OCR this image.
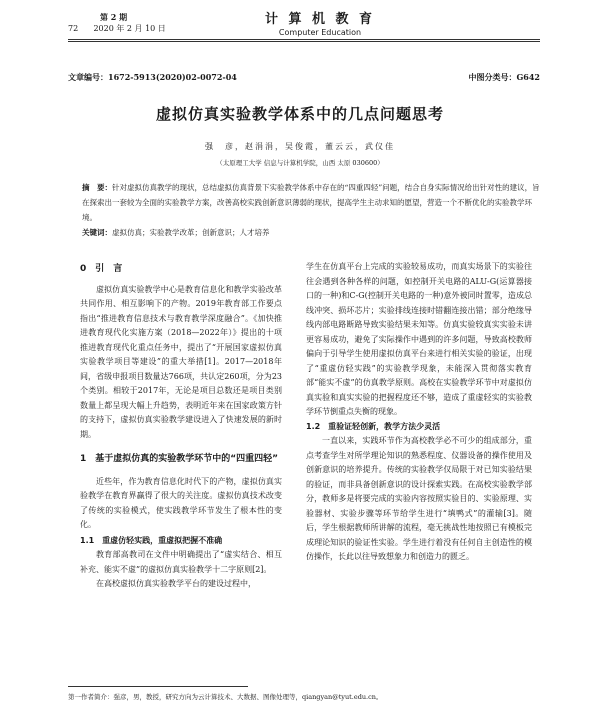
第 2 期
72 2020 年 2 月 10 日
计 算 机 教 育
Computer Education
文章编号：1672-5913(2020)02-0072-04	中图分类号：G642
虚拟仿真实验教学体系中的几点问题思考
强　彦，赵涓涓，吴俊霞，董云云，武仪佳
（太原理工大学 信息与计算机学院，山西 太原 030600）
摘　要：针对虚拟仿真教学的现状，总结虚拟仿真背景下实验教学体系中存在的“四重四轻”问题，结合自身实际情况给出针对性的建议，旨在探索出一套较为全面的实验教学方案，改善高校实践创新意识薄弱的现状，提高学生主动求知的愿望，营造一个不断优化的实验教学环境。
关键词：虚拟仿真；实验教学改革；创新意识；人才培养
0　引　言

虚拟仿真实验教学中心是教育信息化和教学实验改革共同作用、相互影响下的产物。2019年教育部工作要点指出“推进教育信息技术与教育教学深度融合”。《加快推进教育现代化实施方案（2018—2022年）》提出的十项推进教育现代化重点任务中，提出了“开展国家虚拟仿真实验教学项目等建设”的重大举措[1]。2017—2018年间，省级申报项目数量达766项，共认定260项，分为23个类别。相较于2017年，无论是项目总数还是项目类别数量上都呈现大幅上升趋势，表明近年来在国家政策方针的支持下，虚拟仿真实验教学建设进入了快速发展的新时期。

1　基于虚拟仿真的实验教学环节中的“四重四轻”

近些年，作为教育信息化时代下的产物，虚拟仿真实验教学在教育界赢得了很大的关注度。虚拟仿真技术改变了传统的实验模式，使实践教学环节发生了根本性的变化。

1.1　重虚仿轻实践，重虚拟把握不准确

教育部高教司在文件中明确提出了“虚实结合、相互补充、能实不虚”的虚拟仿真实验教学十二字原则[2]。

在高校虚拟仿真实验教学平台的建设过程中，

学生在仿真平台上完成的实验较易成功，而真实场景下的实验往往会遇到各种各样的问题，如控制开关电路的ALU-G(运算器接口的一种)和C-G(控制开关电路的一种)意外被同时置零，造成总线冲突、损坏芯片；实验排线连接时错翻连接出错；部分绝缘导线内部电路断路导致实验结果未知等。仿真实验较真实实验未讲更容易成功，避免了实际操作中遇到的许多问题，导致高校教师偏向于引导学生使用虚拟仿真平台来进行相关实验的验证，出现了“重虚仿轻实践”的实验教学现象，未能深入贯彻落实教育部“能实不虚”的仿真教学原则。高校在实验教学环节中对虚拟仿真实验和真实实验的把握程度还不够，造成了重虚轻实的实验教学环节倒重点失衡的现象。
1.2　重验证轻创新，教学方法少灵活

一直以来，实践环节作为高校教学必不可少的组成部分，重点考查学生对所学理论知识的熟悉程度、仪器设备的操作使用及创新意识的培养提升。传统的实验教学仅局限于对已知实验结果的验证，而非具备创新意识的设计探索实践。在高校实验教学部分，教师多是将要完成的实验内容按照实验目的、实验原理、实验器材、实验步骤等环节给学生进行“填鸭式”的灌输[3]。随后，学生根据教师所讲解的流程，毫无挑战性地按照已有模板完成理论知识的验证性实验。学生进行着没有任何自主创造性的模仿操作，长此以往导致想象力和创造力的匮乏。

第一作者简介：强彦，男，教授，研究方向为云计算技术、大数据、图像处理等，qiangyan@tyut.edu.cn。
